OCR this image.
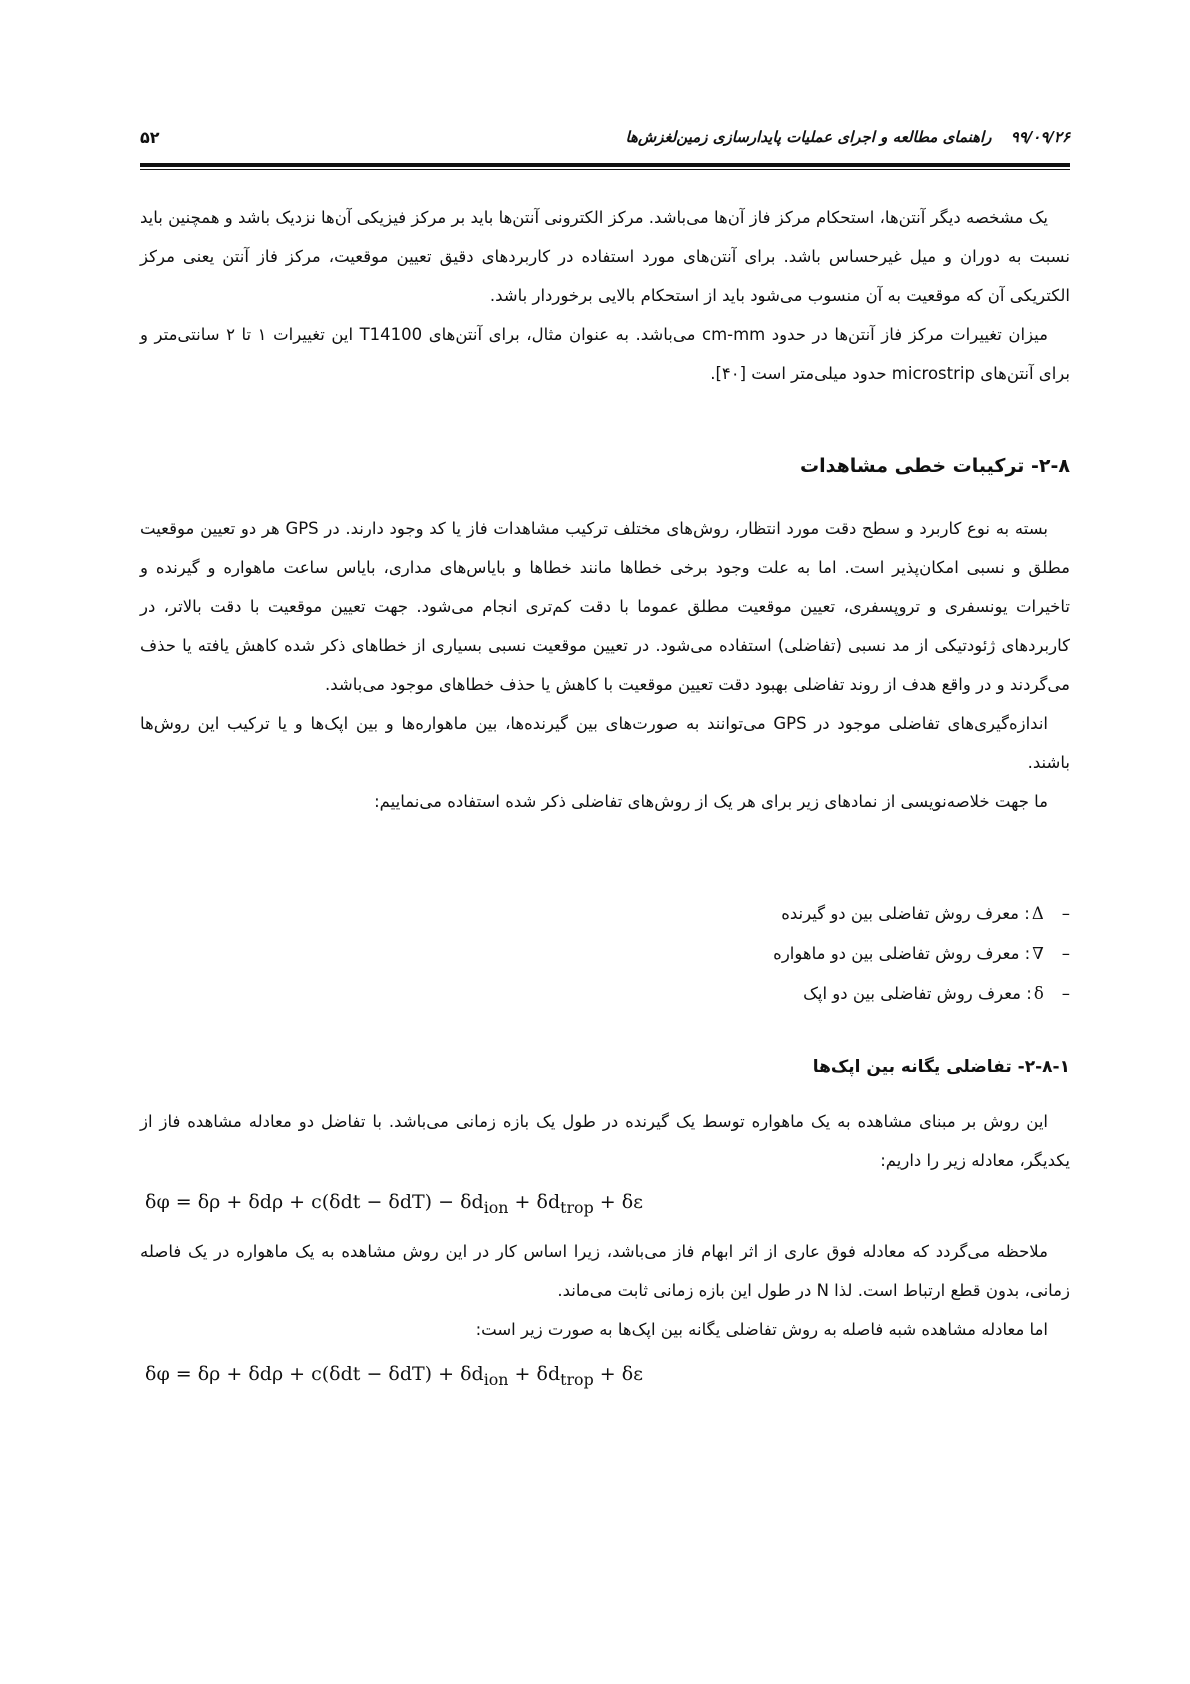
۹۹/۰۹/۲۶ راهنمای مطالعه و اجرای عملیات پایدارسازی زمین‌لغزش‌ها
۵۲

یک مشخصه دیگر آنتن‌ها، استحکام مرکز فاز آن‌ها می‌باشد. مرکز الکترونی آنتن‌ها باید بر مرکز فیزیکی آن‌ها نزدیک باشد و همچنین باید نسبت به دوران و میل غیرحساس باشد. برای آنتن‌های مورد استفاده در کاربردهای دقیق تعیین موقعیت، مرکز فاز آنتن یعنی مرکز الکتریکی آن که موقعیت به آن منسوب می‌شود باید از استحکام بالایی برخوردار باشد.

میزان تغییرات مرکز فاز آنتن‌ها در حدود cm-mm می‌باشد. به عنوان مثال، برای آنتن‌های T14100 این تغییرات ۱ تا ۲ سانتی‌متر و برای آنتن‌های microstrip حدود میلی‌متر است [۴۰].

۲-۸- ترکیبات خطی مشاهدات

بسته به نوع کاربرد و سطح دقت مورد انتظار، روش‌های مختلف ترکیب مشاهدات فاز یا کد وجود دارند. در GPS هر دو تعیین موقعیت مطلق و نسبی امکان‌پذیر است. اما به علت وجود برخی خطاها مانند خطاها و بایاس‌های مداری، بایاس ساعت ماهواره و گیرنده و تاخیرات یونسفری و تروپسفری، تعیین موقعیت مطلق عموما با دقت کم‌تری انجام می‌شود. جهت تعیین موقعیت با دقت بالاتر، در کاربردهای ژئودتیکی از مد نسبی (تفاضلی) استفاده می‌شود. در تعیین موقعیت نسبی بسیاری از خطاهای ذکر شده کاهش یافته یا حذف می‌گردند و در واقع هدف از روند تفاضلی بهبود دقت تعیین موقعیت با کاهش یا حذف خطاهای موجود می‌باشد.

اندازه‌گیری‌های تفاضلی موجود در GPS می‌توانند به صورت‌های بین گیرنده‌ها، بین ماهواره‌ها و بین اپک‌ها و یا ترکیب این روش‌ها باشند.

ما جهت خلاصه‌نویسی از نمادهای زیر برای هر یک از روش‌های تفاضلی ذکر شده استفاده می‌نماییم:

–Δ: معرف روش تفاضلی بین دو گیرنده
–∇: معرف روش تفاضلی بین دو ماهواره
–δ: معرف روش تفاضلی بین دو اپک
۲-۸-۱- تفاضلی یگانه بین اپک‌ها

این روش بر مبنای مشاهده به یک ماهواره توسط یک گیرنده در طول یک بازه زمانی می‌باشد. با تفاضل دو معادله مشاهده فاز از یکدیگر، معادله زیر را داریم:

$\delta\varphi = \delta\rho + \delta d\rho + c(\delta dt - \delta dT) - \delta d_{ion} + \delta d_{trop} + \delta\varepsilon$

ملاحظه می‌گردد که معادله فوق عاری از اثر ابهام فاز می‌باشد، زیرا اساس کار در این روش مشاهده به یک ماهواره در یک فاصله زمانی، بدون قطع ارتباط است. لذا N در طول این بازه زمانی ثابت می‌ماند.

اما معادله مشاهده شبه فاصله به روش تفاضلی یگانه بین اپک‌ها به صورت زیر است:

$\delta\varphi = \delta\rho + \delta d\rho + c(\delta dt - \delta dT) + \delta d_{ion} + \delta d_{trop} + \delta\varepsilon$
